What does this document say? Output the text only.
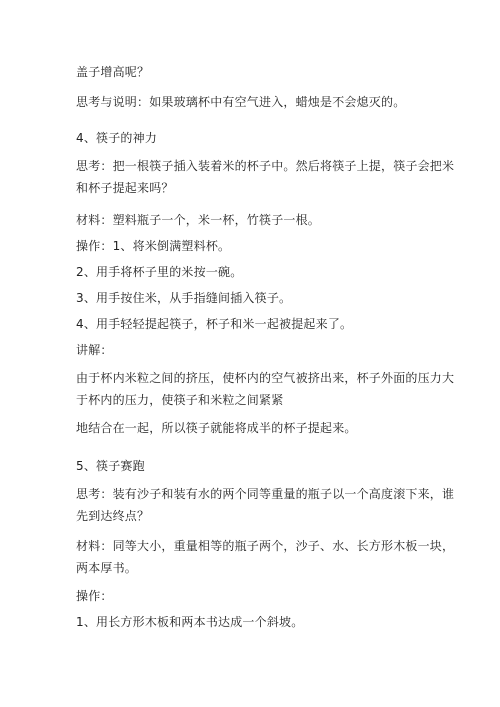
盖子增高呢？
思考与说明：如果玻璃杯中有空气进入，蜡烛是不会熄灭的。
4、筷子的神力
思考：把一根筷子插入装着米的杯子中。然后将筷子上提，筷子会把米
和杯子提起来吗？
材料：塑料瓶子一个，米一杯，竹筷子一根。
操作：1、将米倒满塑料杯。
2、用手将杯子里的米按一碗。
3、用手按住米，从手指缝间插入筷子。
4、用手轻轻提起筷子，杯子和米一起被提起来了。
讲解：
由于杯内米粒之间的挤压，使杯内的空气被挤出来，杯子外面的压力大
于杯内的压力，使筷子和米粒之间紧紧
地结合在一起，所以筷子就能将成半的杯子提起来。
5、筷子赛跑
思考：装有沙子和装有水的两个同等重量的瓶子以一个高度滚下来，谁
先到达终点？
材料：同等大小，重量相等的瓶子两个，沙子、水、长方形木板一块，
两本厚书。
操作：
1、用长方形木板和两本书达成一个斜坡。
